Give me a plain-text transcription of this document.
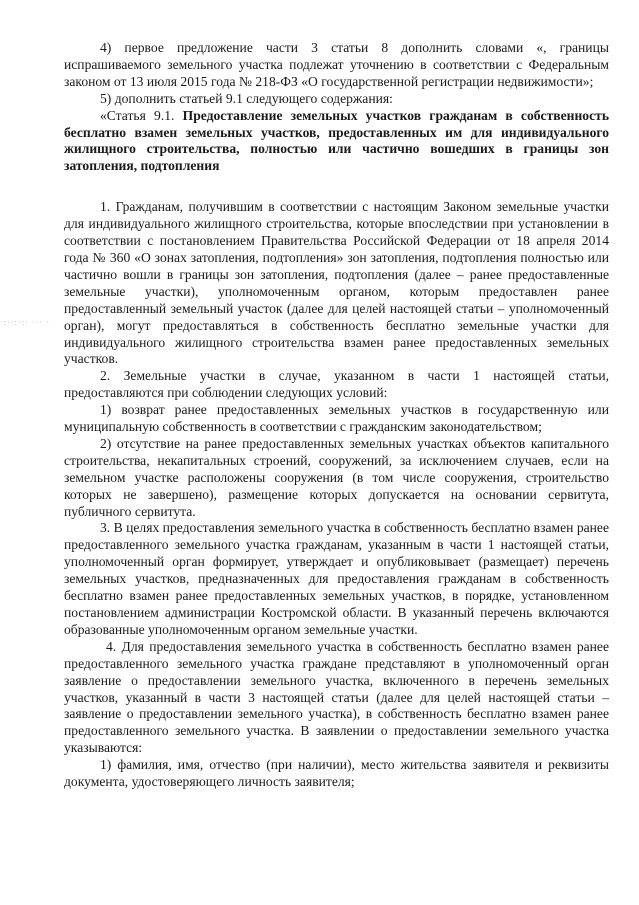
·:··:·:· ··· ·

4) первое предложение части 3 статьи 8 дополнить словами «, границы испрашиваемого земельного участка подлежат уточнению в соответствии с Федеральным законом от 13 июля 2015 года № 218-ФЗ «О государственной регистрации недвижимости»;

5) дополнить статьей 9.1 следующего содержания:

«Статья 9.1. Предоставление земельных участков гражданам в собственность бесплатно взамен земельных участков, предоставленных им для индивидуального жилищного строительства, полностью или частично вошедших в границы зон затопления, подтопления

1. Гражданам, получившим в соответствии с настоящим Законом земельные участки для индивидуального жилищного строительства, которые впоследствии при установлении в соответствии с постановлением Правительства Российской Федерации от 18 апреля 2014 года № 360 «О зонах затопления, подтопления» зон затопления, подтопления полностью или частично вошли в границы зон затопления, подтопления (далее – ранее предоставленные земельные участки), уполномоченным органом, которым предоставлен ранее предоставленный земельный участок (далее для целей настоящей статьи – уполномоченный орган), могут предоставляться в собственность бесплатно земельные участки для индивидуального жилищного строительства взамен ранее предоставленных земельных участков.

2. Земельные участки в случае, указанном в части 1 настоящей статьи, предоставляются при соблюдении следующих условий:

1) возврат ранее предоставленных земельных участков в государственную или муниципальную собственность в соответствии с гражданским законодательством;

2) отсутствие на ранее предоставленных земельных участках объектов капитального строительства, некапитальных строений, сооружений, за исключением случаев, если на земельном участке расположены сооружения (в том числе сооружения, строительство которых не завершено), размещение которых допускается на основании сервитута, публичного сервитута.

3. В целях предоставления земельного участка в собственность бесплатно взамен ранее предоставленного земельного участка гражданам, указанным в части 1 настоящей статьи, уполномоченный орган формирует, утверждает и опубликовывает (размещает) перечень земельных участков, предназначенных для предоставления гражданам в собственность бесплатно взамен ранее предоставленных земельных участков, в порядке, установленном постановлением администрации Костромской области. В указанный перечень включаются образованные уполномоченным органом земельные участки.

4. Для предоставления земельного участка в собственность бесплатно взамен ранее предоставленного земельного участка граждане представляют в уполномоченный орган заявление о предоставлении земельного участка, включенного в перечень земельных участков, указанный в части 3 настоящей статьи (далее для целей настоящей статьи – заявление о предоставлении земельного участка), в собственность бесплатно взамен ранее предоставленного земельного участка. В заявлении о предоставлении земельного участка указываются:

1) фамилия, имя, отчество (при наличии), место жительства заявителя и реквизиты документа, удостоверяющего личность заявителя;
